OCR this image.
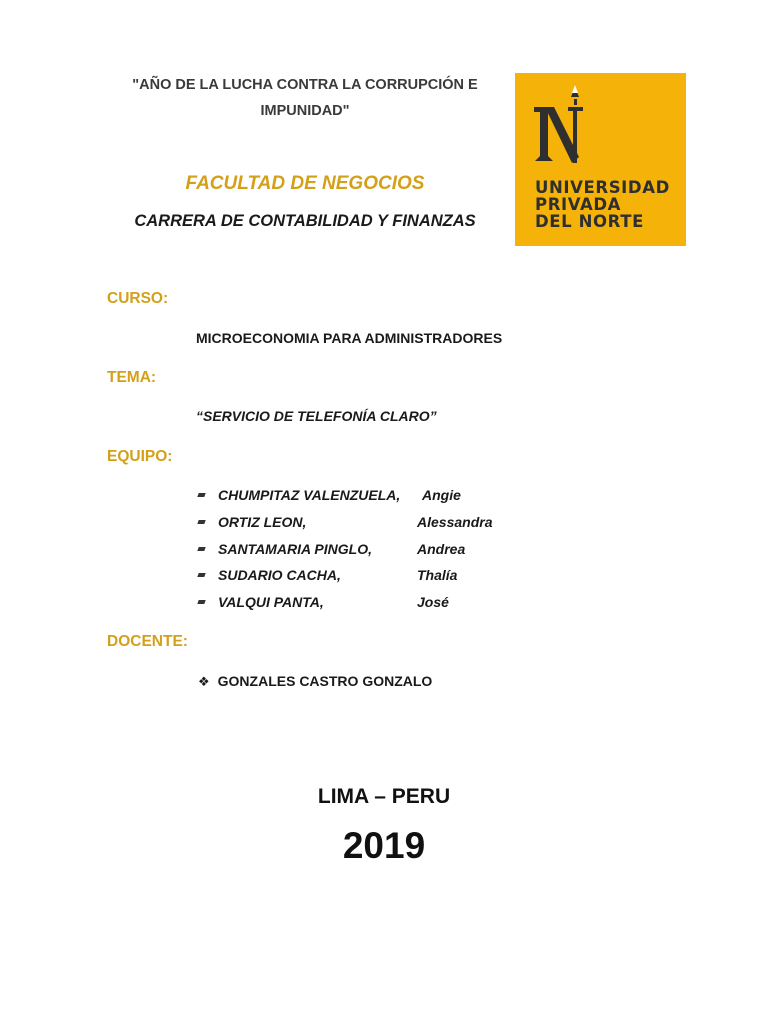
"AÑO DE LA LUCHA CONTRA LA CORRUPCIÓN E
IMPUNIDAD"
FACULTAD DE NEGOCIOS
CARRERA DE CONTABILIDAD Y FINANZAS
UNIVERSIDAD
PRIVADA
DEL NORTE
CURSO:
MICROECONOMIA PARA ADMINISTRADORES
TEMA:
“SERVICIO DE TELEFONÍA CLARO”
EQUIPO:
CHUMPITAZ VALENZUELA, Angie
ORTIZ LEON,	Alessandra
SANTAMARIA PINGLO,	Andrea
SUDARIO CACHA,	Thalía
VALQUI PANTA,	José
DOCENTE:
❖ GONZALES CASTRO GONZALO
LIMA – PERU
2019
